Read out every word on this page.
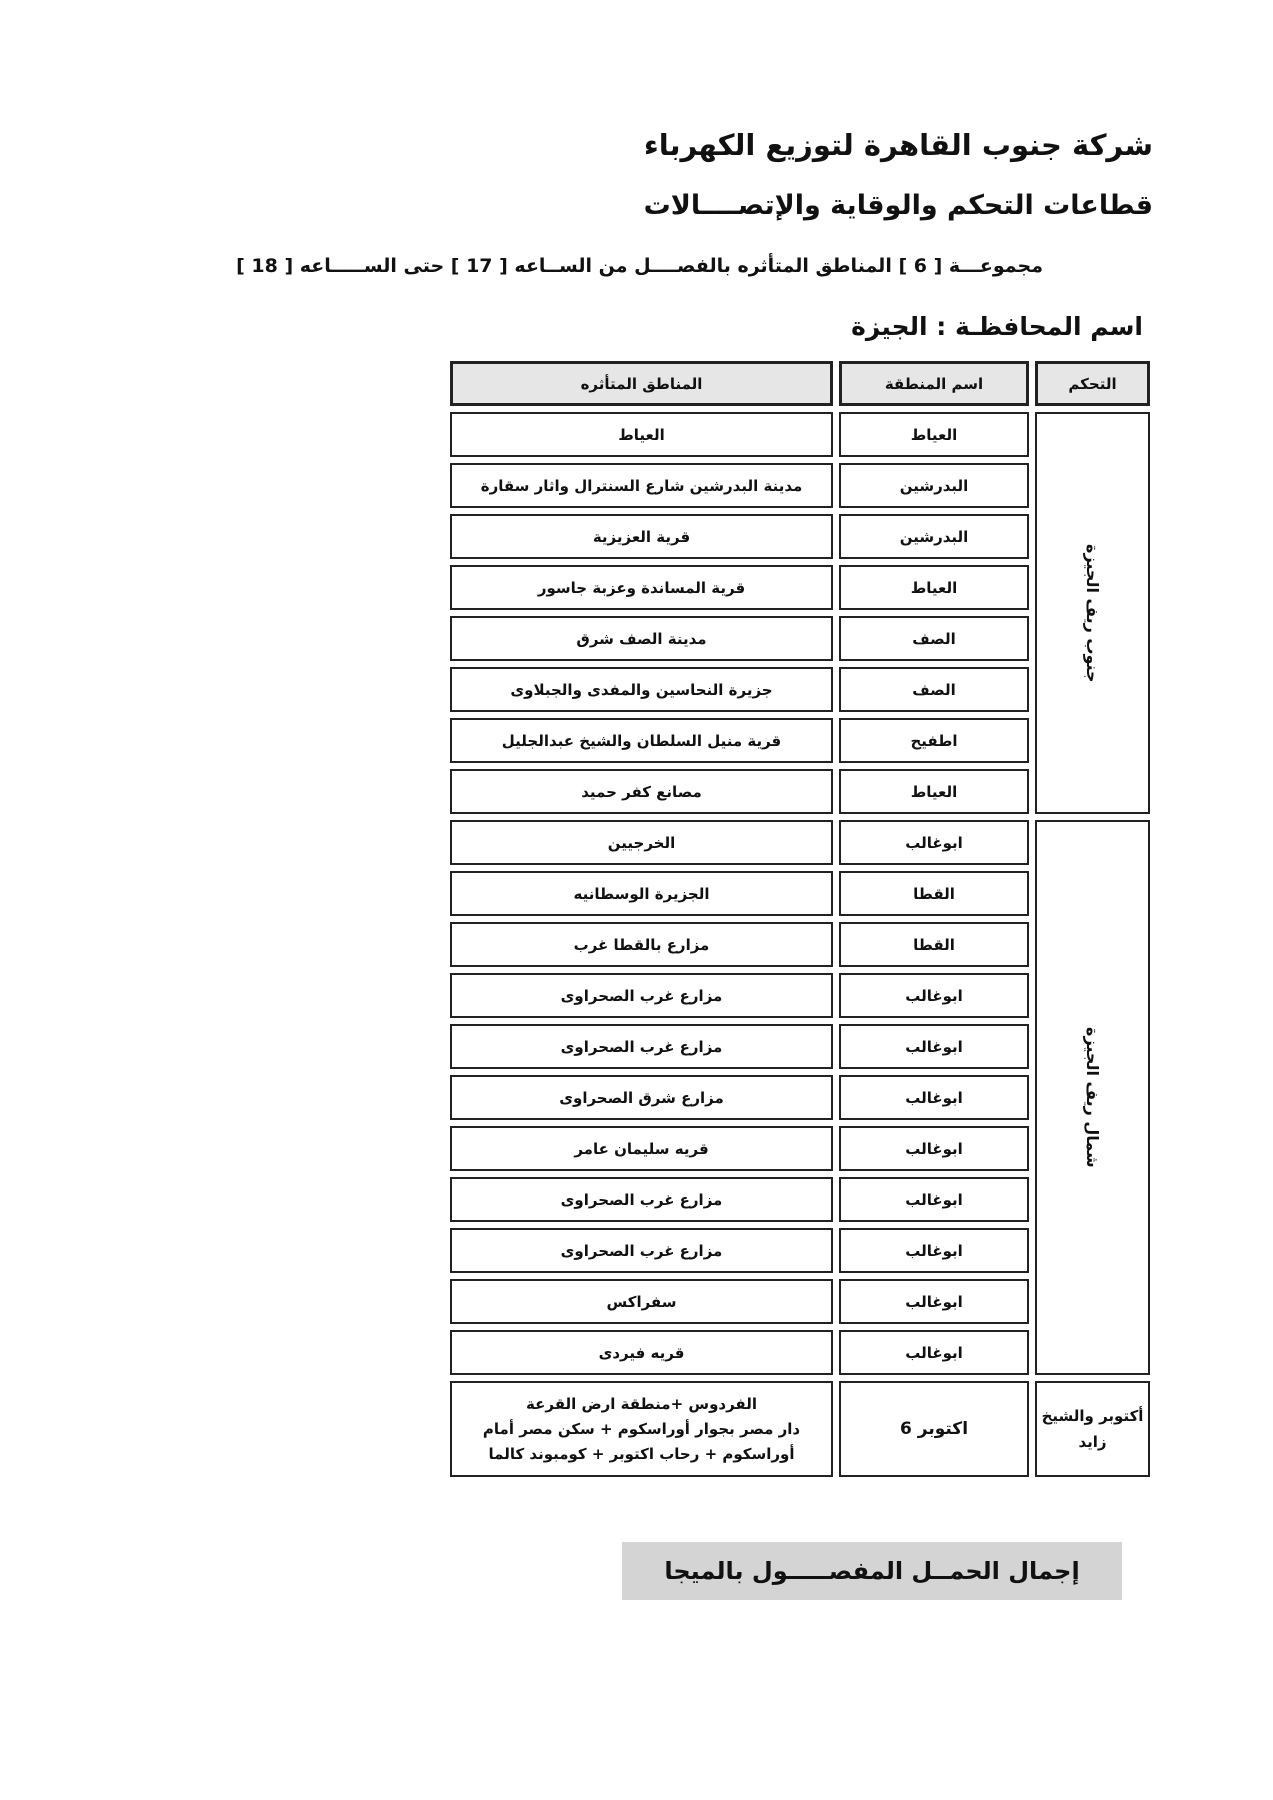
شركة جنوب القاهرة لتوزيع الكهرباء
قطاعات التحكم والوقاية والإتصــــالات
مجموعـــة [ 6 ] المناطق المتأثره بالفصــــل من الســاعه [ 17 ] حتى الســـــاعه [ 18 ]
اسم المحافظـة : الجيزة
التحكم
اسم المنطقة
المناطق المتأثره
جنوب ريف الجيزة
شمال ريف الجيزة
أكتوبر والشيخ زايد
العياط
العياط
البدرشين
مدينة البدرشين شارع السنترال واثار سقارة
البدرشين
قرية العزيزية
العياط
قرية المساندة وعزبة جاسور
الصف
مدينة الصف شرق
الصف
جزيرة النحاسين والمفدى والجبلاوى
اطفيح
قرية منيل السلطان والشيخ عبدالجليل
العياط
مصانع كفر حميد
ابوغالب
الخرجيين
القطا
الجزيرة الوسطانيه
القطا
مزارع بالقطا غرب
ابوغالب
مزارع غرب الصحراوى
ابوغالب
مزارع غرب الصحراوى
ابوغالب
مزارع شرق الصحراوى
ابوغالب
قريه سليمان عامر
ابوغالب
مزارع غرب الصحراوى
ابوغالب
مزارع غرب الصحراوى
ابوغالب
سفراكس
ابوغالب
قريه فيردى
اكتوبر 6
الفردوس +منطقة ارض القرعة
دار مصر بجوار أوراسكوم + سكن مصر أمام
أوراسكوم + رحاب اكتوبر + كومبوند كالما
إجمال الحمــل المفصـــــول بالميجا
